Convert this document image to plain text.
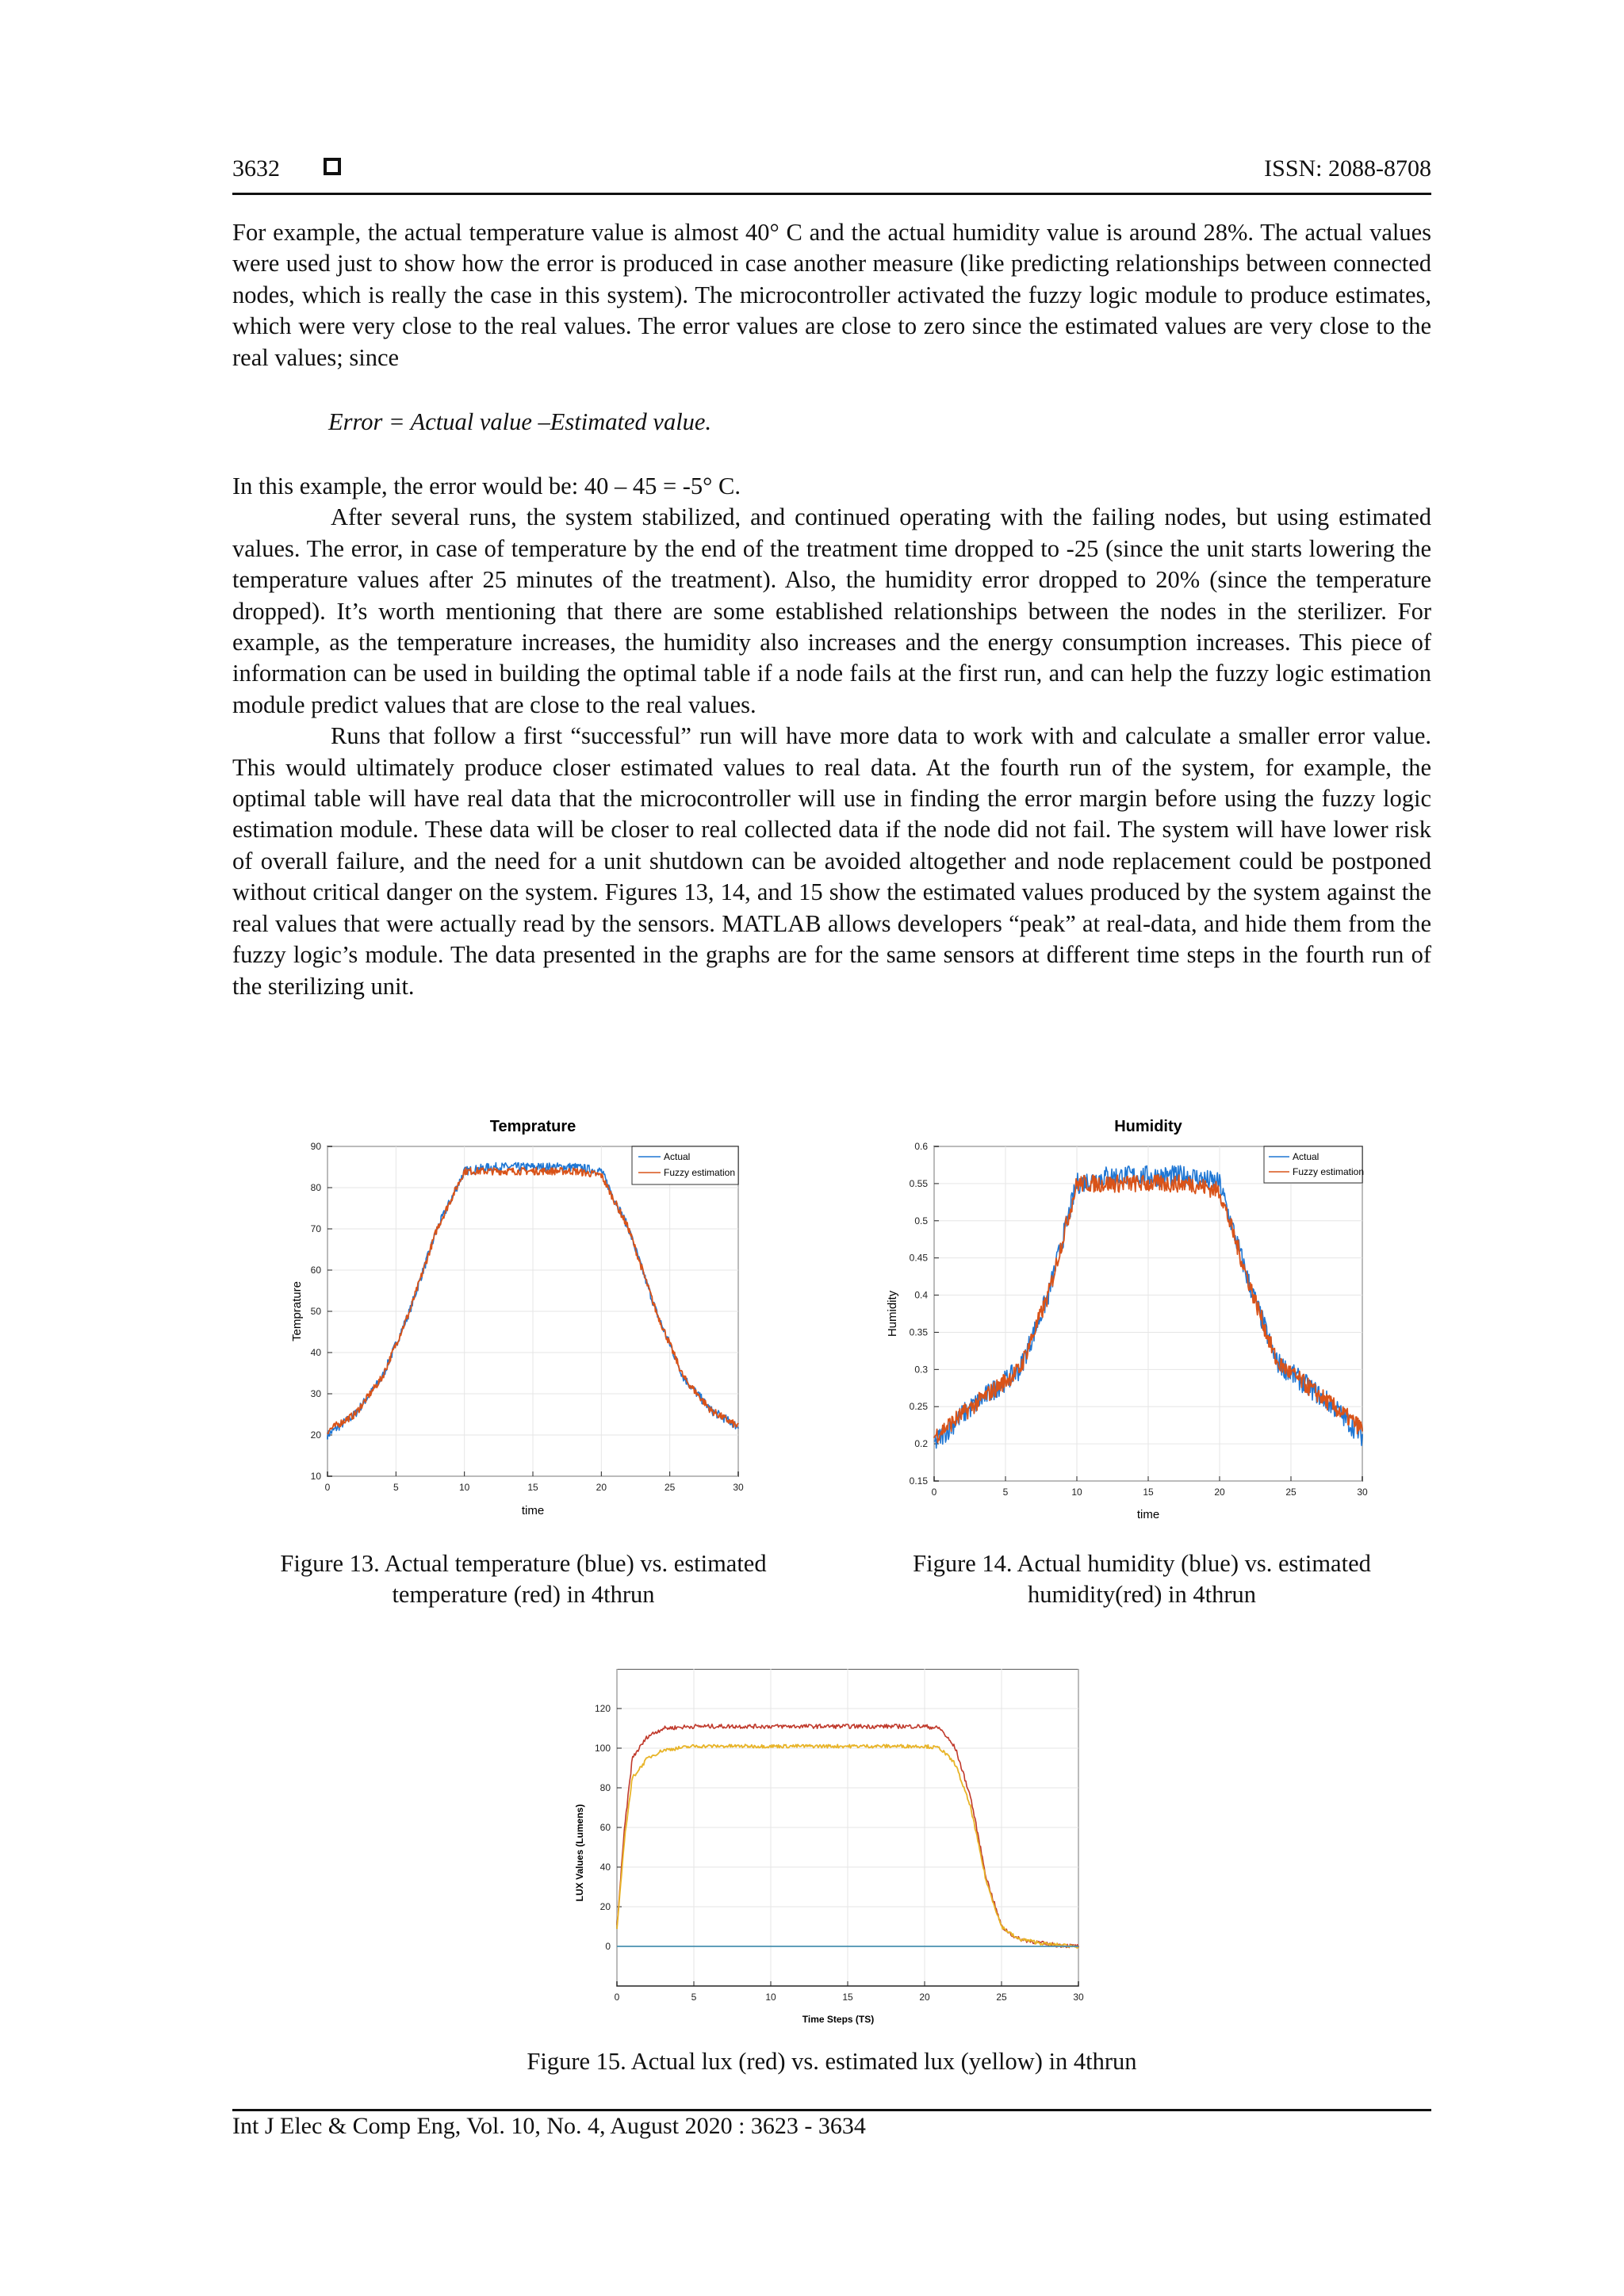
3632	ISSN: 2088-8708

For example, the actual temperature value is almost 40° C and the actual humidity value is around 28%. The actual values were used just to show how the error is produced in case another measure (like predicting relationships between connected nodes, which is really the case in this system). The microcontroller activated the fuzzy logic module to produce estimates, which were very close to the real values. The error values are close to zero since the estimated values are very close to the real values; since

Error = Actual value –Estimated value.

In this example, the error would be: 40 – 45 = -5° C.

After several runs, the system stabilized, and continued operating with the failing nodes, but using estimated values. The error, in case of temperature by the end of the treatment time dropped to -25 (since the unit starts lowering the temperature values after 25 minutes of the treatment). Also, the humidity error dropped to 20% (since the temperature dropped). It’s worth mentioning that there are some established relationships between the nodes in the sterilizer. For example, as the temperature increases, the humidity also increases and the energy consumption increases. This piece of information can be used in building the optimal table if a node fails at the first run, and can help the fuzzy logic estimation module predict values that are close to the real values.

Runs that follow a first “successful” run will have more data to work with and calculate a smaller error value. This would ultimately produce closer estimated values to real data. At the fourth run of the system, for example, the optimal table will have real data that the microcontroller will use in finding the error margin before using the fuzzy logic estimation module. These data will be closer to real collected data if the node did not fail. The system will have lower risk of overall failure, and the need for a unit shutdown can be avoided altogether and node replacement could be postponed without critical danger on the system. Figures 13, 14, and 15 show the estimated values produced by the system against the real values that were actually read by the sensors. MATLAB allows developers “peak” at real-data, and hide them from the fuzzy logic’s module. The data presented in the graphs are for the same sensors at different time steps in the fourth run of the sterilizing unit.

Temprature
0	5	10	15	20	25	30
10
20
30
40
50
60
70
80
90
Actual
Fuzzy estimation
time
Temprature
Humidity
0	5	10	15	20	25	30
0.15
0.2
0.25
0.3
0.35
0.4
0.45
0.5
0.55
0.6
Actual
Fuzzy estimation
time
Humidity
Figure 13. Actual temperature (blue) vs. estimated
temperature (red) in 4thrun
Figure 14. Actual humidity (blue) vs. estimated
humidity(red) in 4thrun
0	5	10	15	20	25	30
0
20
40
60
80
100
120
Time Steps (TS)
LUX Values (Lumens)
Figure 15. Actual lux (red) vs. estimated lux (yellow) in 4thrun
Int J Elec & Comp Eng, Vol. 10, No. 4, August 2020 : 3623 - 3634
